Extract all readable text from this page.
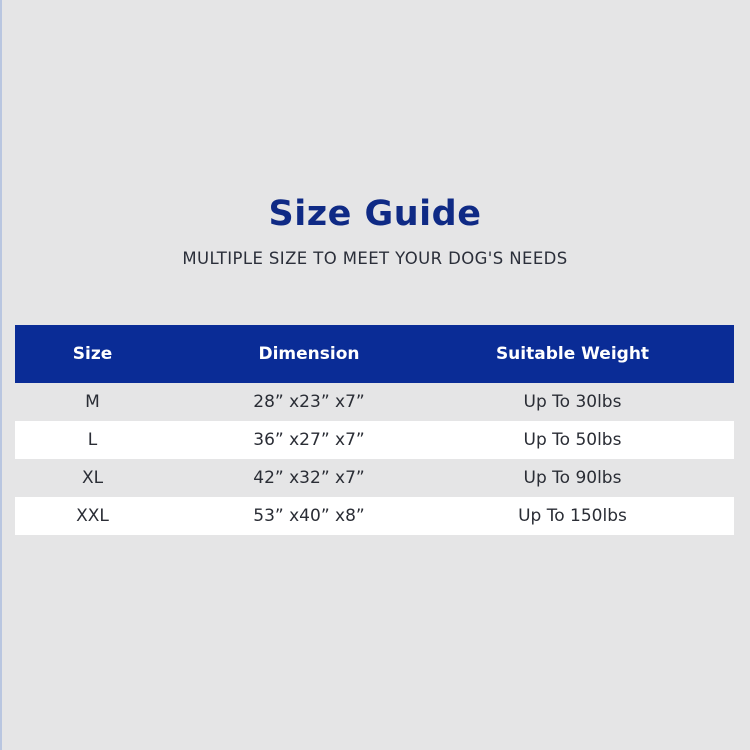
Size Guide
MULTIPLE SIZE TO MEET YOUR DOG'S NEEDS
Size	Dimension	Suitable Weight
M	28” x23” x7”	Up To 30lbs
L	36” x27” x7”	Up To 50lbs
XL	42” x32” x7”	Up To 90lbs
XXL	53” x40” x8”	Up To 150lbs
